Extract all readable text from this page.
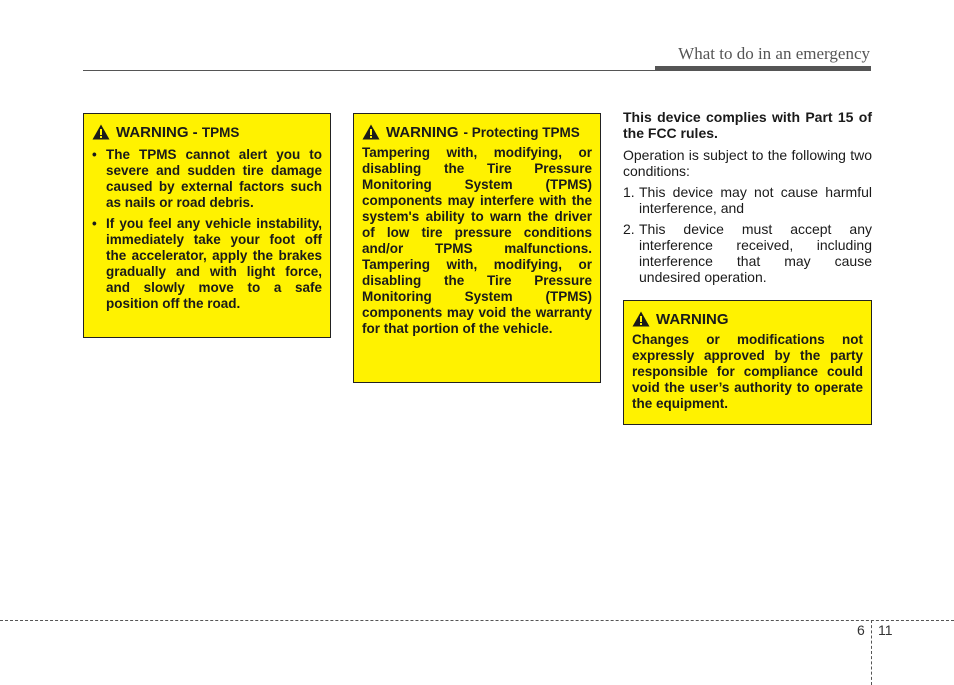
What to do in an emergency
WARNING -
TPMS
• The TPMS cannot alert you to severe and sudden tire damage caused by external factors such as nails or road debris.
• If you feel any vehicle instability, immediately take your foot off the accelerator, apply the brakes gradually and with light force, and slowly move to a safe position off the road.
WARNING
- Protecting TPMS

Tampering with, modifying, or disabling the Tire Pressure Monitoring System (TPMS) components may interfere with the system's ability to warn the driver of low tire pressure conditions and/or TPMS malfunctions. Tampering with, modifying, or disabling the Tire Pressure Monitoring System (TPMS) components may void the warranty for that portion of the vehicle.

This device complies with Part 15 of the FCC rules.

Operation is subject to the following two conditions:

1. This device may not cause harmful interference, and
2. This device must accept any interference received, including interference that may cause undesired operation.
WARNING

Changes or modifications not expressly approved by the party responsible for compliance could void the user’s authority to operate the equipment.

6 11
